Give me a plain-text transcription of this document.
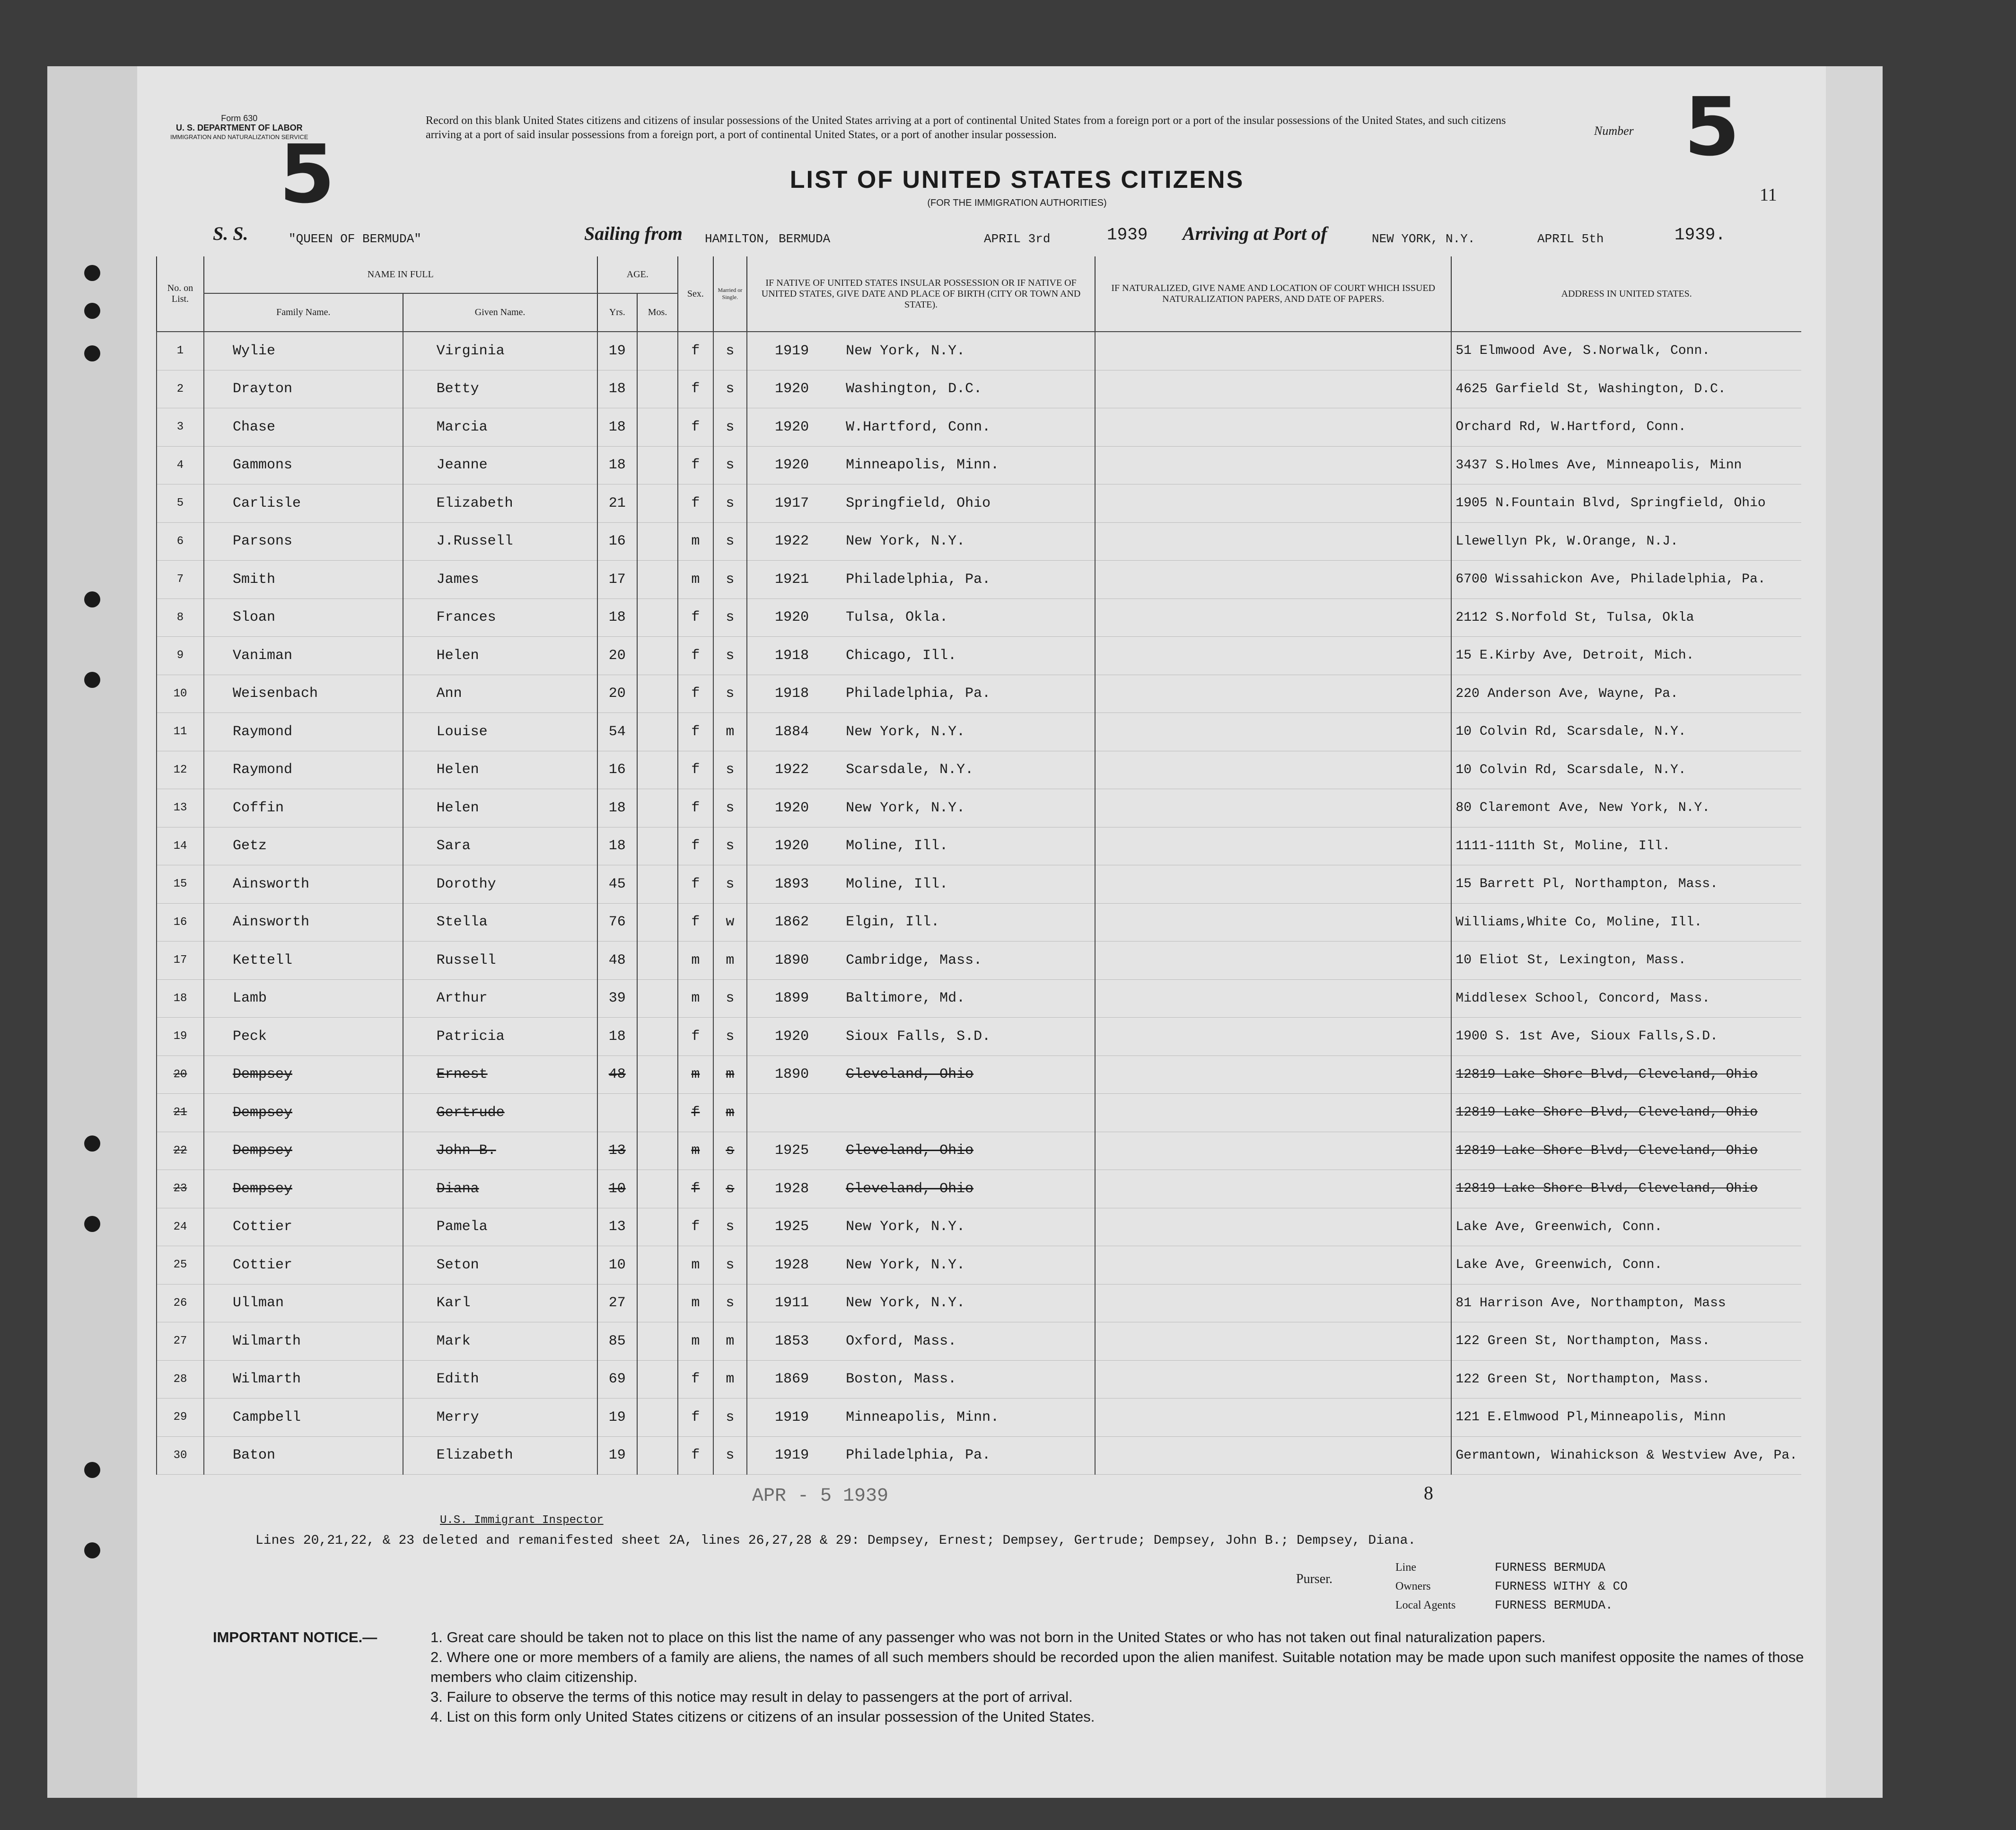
Form 630
U. S. DEPARTMENT OF LABOR
IMMIGRATION AND NATURALIZATION SERVICE
5
Record on this blank United States citizens and citizens of insular possessions of the United States arriving at a port of continental United States from a foreign port or a port of the insular possessions of the United States, and such citizens arriving at a port of said insular possessions from a foreign port, a port of continental United States, or a port of another insular possession.	Number 5
11
LIST OF UNITED STATES CITIZENS
(FOR THE IMMIGRATION AUTHORITIES)
S. S.	"QUEEN OF BERMUDA"	Sailing from HAMILTON, BERMUDA	APRIL 3rd	1939 Arriving at Port of	NEW YORK, N.Y.	APRIL 5th	1939.
No. on List.	NAME IN FULL		AGE.		Sex.	Married or Single.	IF NATIVE OF UNITED STATES INSULAR POSSESSION OR IF NATIVE OF UNITED STATES, GIVE DATE AND PLACE OF BIRTH (CITY OR TOWN AND STATE).	IF NATURALIZED, GIVE NAME AND LOCATION OF COURT WHICH ISSUED NATURALIZATION PAPERS, AND DATE OF PAPERS.	ADDRESS IN UNITED STATES.
	Family Name.	Given Name.	Yrs.	Mos.					
1	Wylie	Virginia	19		f	s	1919 New York, N.Y.		51 Elmwood Ave, S.Norwalk, Conn.
2	Drayton	Betty	18		f	s	1920 Washington, D.C.		4625 Garfield St, Washington, D.C.
3	Chase	Marcia	18		f	s	1920 W.Hartford, Conn.		Orchard Rd, W.Hartford, Conn.
4	Gammons	Jeanne	18		f	s	1920 Minneapolis, Minn.		3437 S.Holmes Ave, Minneapolis, Minn
5	Carlisle	Elizabeth	21		f	s	1917 Springfield, Ohio		1905 N.Fountain Blvd, Springfield, Ohio
6	Parsons	J.Russell	16		m	s	1922 New York, N.Y.		Llewellyn Pk, W.Orange, N.J.
7	Smith	James	17		m	s	1921 Philadelphia, Pa.		6700 Wissahickon Ave, Philadelphia, Pa.
8	Sloan	Frances	18		f	s	1920 Tulsa, Okla.		2112 S.Norfold St, Tulsa, Okla
9	Vaniman	Helen	20		f	s	1918 Chicago, Ill.		15 E.Kirby Ave, Detroit, Mich.
10	Weisenbach	Ann	20		f	s	1918 Philadelphia, Pa.		220 Anderson Ave, Wayne, Pa.
11	Raymond	Louise	54		f	m	1884 New York, N.Y.		10 Colvin Rd, Scarsdale, N.Y.
12	Raymond	Helen	16		f	s	1922 Scarsdale, N.Y.		10 Colvin Rd, Scarsdale, N.Y.
13	Coffin	Helen	18		f	s	1920 New York, N.Y.		80 Claremont Ave, New York, N.Y.
14	Getz	Sara	18		f	s	1920 Moline, Ill.		1111-111th St, Moline, Ill.
15	Ainsworth	Dorothy	45		f	s	1893 Moline, Ill.		15 Barrett Pl, Northampton, Mass.
16	Ainsworth	Stella	76		f	w	1862 Elgin, Ill.		Williams,White Co, Moline, Ill.
17	Kettell	Russell	48		m	m	1890 Cambridge, Mass.		10 Eliot St, Lexington, Mass.
18	Lamb	Arthur	39		m	s	1899 Baltimore, Md.		Middlesex School, Concord, Mass.
19	Peck	Patricia	18		f	s	1920 Sioux Falls, S.D.		1900 S. 1st Ave, Sioux Falls,S.D.
20	Dempsey	Ernest	48		m	m	1890 Cleveland, Ohio		12819 Lake Shore Blvd, Cleveland, Ohio
21	Dempsey	Gertrude			f	m			12819 Lake Shore Blvd, Cleveland, Ohio
22	Dempsey	John B.	13		m	s	1925 Cleveland, Ohio		12819 Lake Shore Blvd, Cleveland, Ohio
23	Dempsey	Diana	10		f	s	1928 Cleveland, Ohio		12819 Lake Shore Blvd, Cleveland, Ohio
24	Cottier	Pamela	13		f	s	1925 New York, N.Y.		Lake Ave, Greenwich, Conn.
25	Cottier	Seton	10		m	s	1928 New York, N.Y.		Lake Ave, Greenwich, Conn.
26	Ullman	Karl	27		m	s	1911 New York, N.Y.		81 Harrison Ave, Northampton, Mass
27	Wilmarth	Mark	85		m	m	1853 Oxford, Mass.		122 Green St, Northampton, Mass.
28	Wilmarth	Edith	69		f	m	1869 Boston, Mass.		122 Green St, Northampton, Mass.
29	Campbell	Merry	19		f	s	1919 Minneapolis, Minn.		121 E.Elmwood Pl,Minneapolis, Minn
30	Baton	Elizabeth	19		f	s	1919 Philadelphia, Pa.		Germantown, Winahickson & Westview Ave, Pa.
APR - 5 1939	8
U.S. Immigrant Inspector
Lines 20,21,22, & 23 deleted and remanifested sheet 2A, lines 26,27,28 & 29: Dempsey, Ernest; Dempsey, Gertrude; Dempsey, John B.; Dempsey, Diana.
Purser.
Line	FURNESS BERMUDA
Owners	FURNESS WITHY & CO
Local Agents	FURNESS BERMUDA.
IMPORTANT NOTICE.—	1. Great care should be taken not to place on this list the name of any passenger who was not born in the United States or who has not taken out final naturalization papers.
2. Where one or more members of a family are aliens, the names of all such members should be recorded upon the alien manifest. Suitable notation may be made upon such manifest opposite the names of those members who claim citizenship.
3. Failure to observe the terms of this notice may result in delay to passengers at the port of arrival.
4. List on this form only United States citizens or citizens of an insular possession of the United States.
